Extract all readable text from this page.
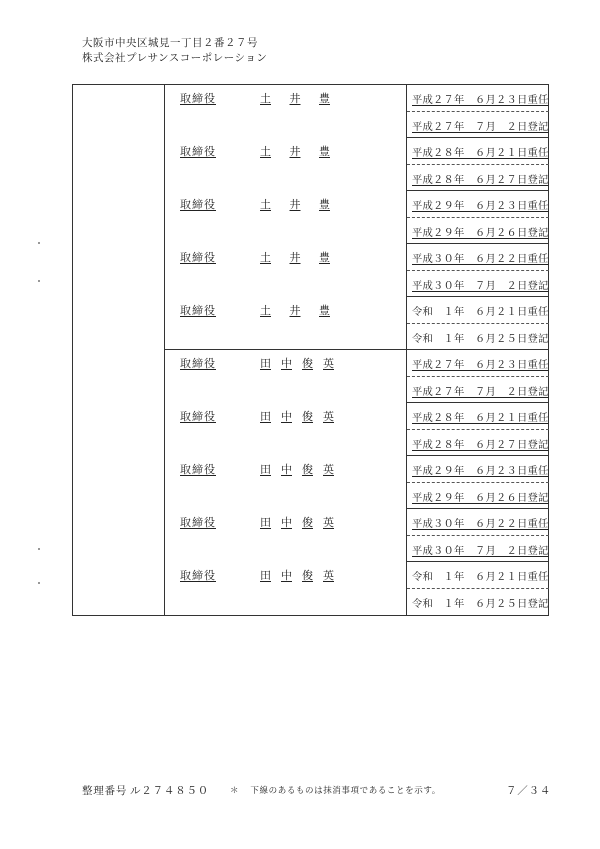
大阪市中央区城見一丁目２番２７号
株式会社プレサンスコーポレーション
取締役	土 井 豊	平成２７年　６月２３日重任
平成２７年　７月　２日登記
取締役	土 井 豊	平成２８年　６月２１日重任
平成２８年　６月２７日登記
取締役	土 井 豊	平成２９年　６月２３日重任
平成２９年　６月２６日登記
取締役	土 井 豊	平成３０年　６月２２日重任
平成３０年　７月　２日登記
取締役	土 井 豊	令和　１年　６月２１日重任
令和　１年　６月２５日登記
取締役	田 中 俊 英	平成２７年　６月２３日重任
平成２７年　７月　２日登記
取締役	田 中 俊 英	平成２８年　６月２１日重任
平成２８年　６月２７日登記
取締役	田 中 俊 英	平成２９年　６月２３日重任
平成２９年　６月２６日登記
取締役	田 中 俊 英	平成３０年　６月２２日重任
平成３０年　７月　２日登記
取締役	田 中 俊 英	令和　１年　６月２１日重任
令和　１年　６月２５日登記
整理番号 ル２７４８５０ ＊ 下線のあるものは抹消事項であることを示す。	７／３４
